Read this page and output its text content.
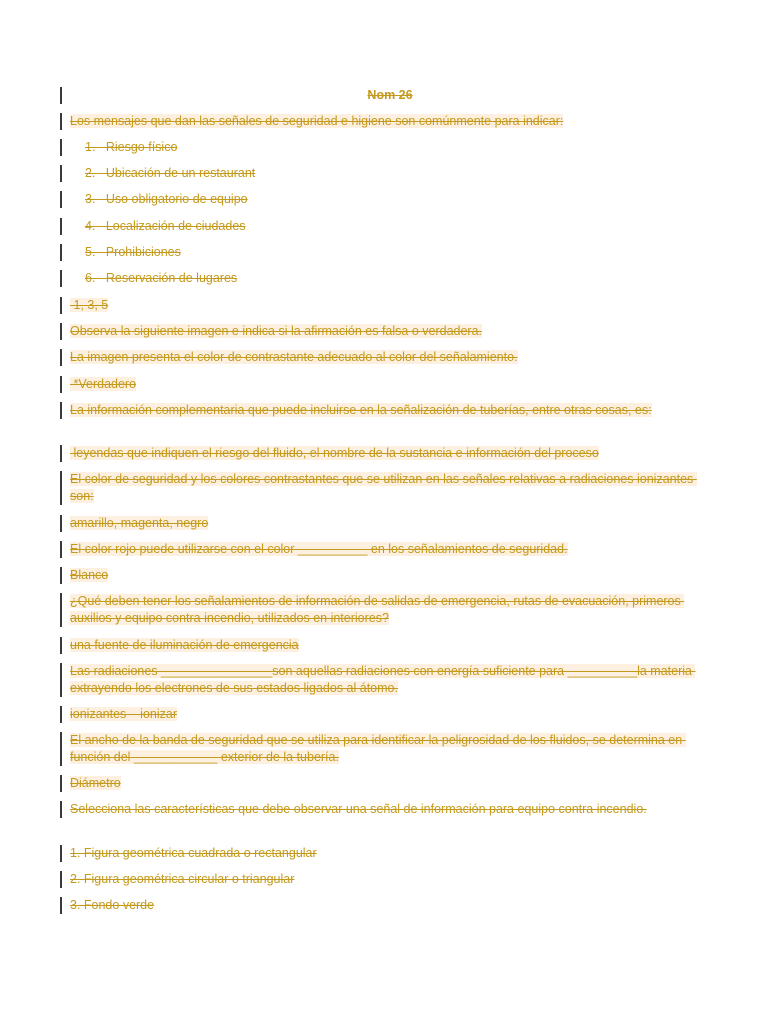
Nom 26
Los mensajes que dan las señales de seguridad e higiene son comúnmente para indicar:
1.   Riesgo físico
2.   Ubicación de un restaurant
3.   Uso obligatorio de equipo
4.   Localización de ciudades
5.   Prohibiciones
6.   Reservación de lugares
1, 3, 5
Observa la siguiente imagen e indica si la afirmación es falsa o verdadera.
La imagen presenta el color de contrastante adecuado al color del señalamiento.
*Verdadero
La información complementaria que puede incluirse en la señalización de tuberías, entre otras cosas, es:
leyendas que indiquen el riesgo del fluido, el nombre de la sustancia e información del proceso
El color de seguridad y los colores contrastantes que se utilizan en las señales relativas a radiaciones ionizantes son:
amarillo, magenta, negro
El color rojo puede utilizarse con el color __________ en los señalamientos de seguridad.
Blanco
¿Qué deben tener los señalamientos de información de salidas de emergencia, rutas de evacuación, primeros auxilios y equipo contra incendio, utilizados en interiores?
una fuente de iluminación de emergencia
Las radiaciones ________________son aquellas radiaciones con energía suficiente para __________la materia extrayendo los electrones de sus estados ligados al átomo.
ionizantes – ionizar
El ancho de la banda de seguridad que se utiliza para identificar la peligrosidad de los fluidos, se determina en función del ____________ exterior de la tubería.
Diámetro
Selecciona las características que debe observar una señal de información para equipo contra incendio.
1. Figura geométrica cuadrada o rectangular
2. Figura geométrica circular o triangular
3. Fondo verde
